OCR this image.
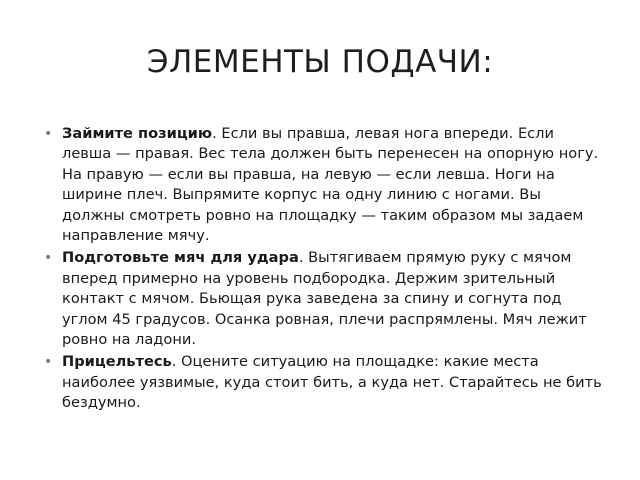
ЭЛЕМЕНТЫ ПОДАЧИ:
• Займите позицию. Если вы правша, левая нога впереди. Если левша — правая. Вес тела должен быть перенесен на опорную ногу. На правую — если вы правша, на левую — если левша. Ноги на ширине плеч. Выпрямите корпус на одну линию с ногами. Вы должны смотреть ровно на площадку — таким образом мы задаем направление мячу.
• Подготовьте мяч для удара. Вытягиваем прямую руку с мячом вперед примерно на уровень подбородка. Держим зрительный контакт с мячом. Бьющая рука заведена за спину и согнута под углом 45 градусов. Осанка ровная, плечи распрямлены. Мяч лежит ровно на ладони.
• Прицельтесь. Оцените ситуацию на площадке: какие места наиболее уязвимые, куда стоит бить, а куда нет. Старайтесь не бить бездумно.
